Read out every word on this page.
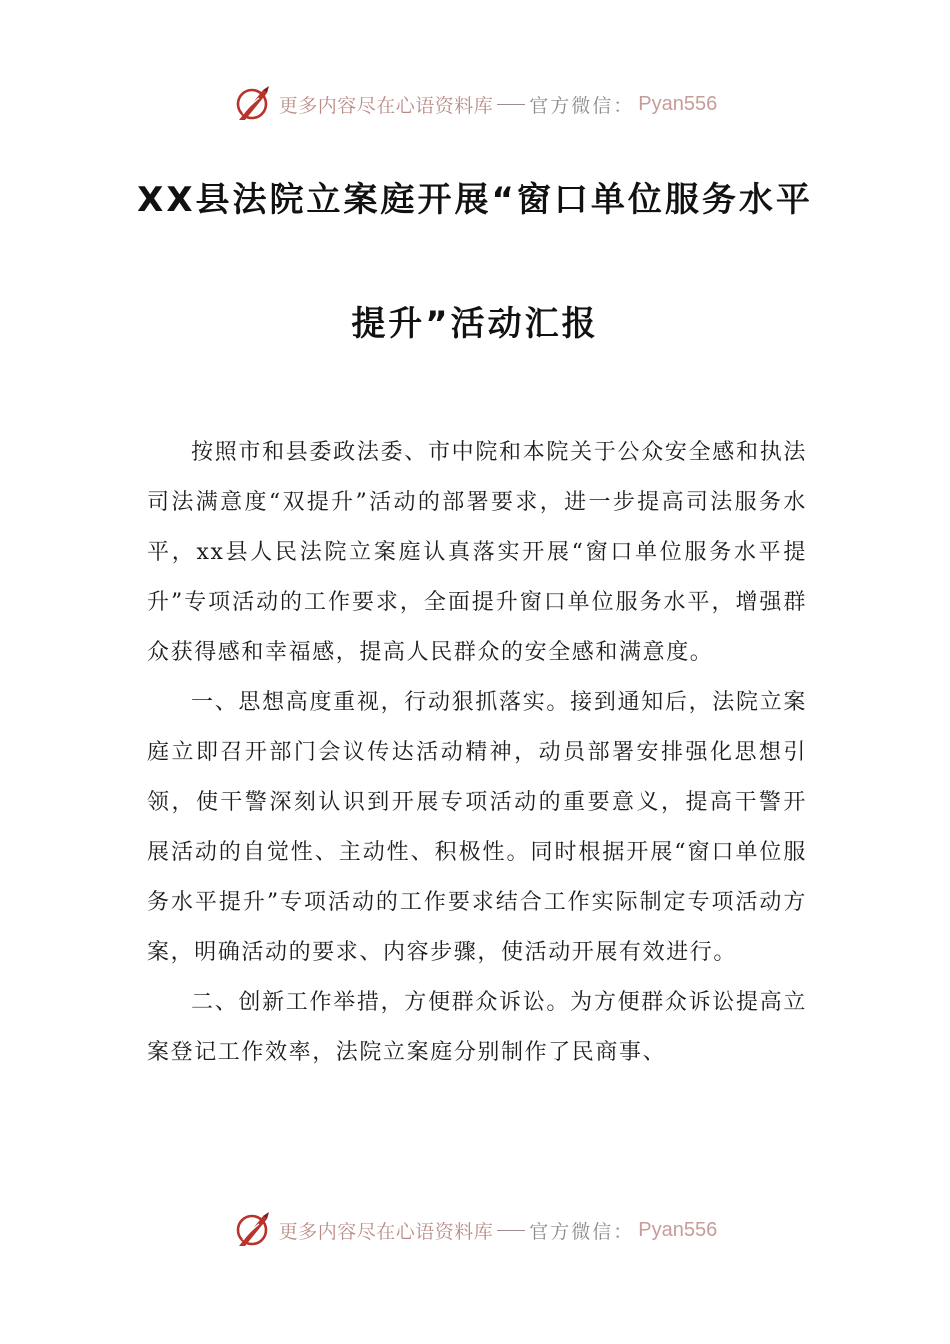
更多内容尽在心语资料库 官方微信： Pyan556
XX县法院立案庭开展“窗口单位服务水平
提升”活动汇报

按照市和县委政法委、市中院和本院关于公众安全感和执法司法满意度“双提升”活动的部署要求，进一步提高司法服务水平，xx县人民法院立案庭认真落实开展“窗口单位服务水平提升”专项活动的工作要求，全面提升窗口单位服务水平，增强群众获得感和幸福感，提高人民群众的安全感和满意度。

一、思想高度重视，行动狠抓落实。接到通知后，法院立案庭立即召开部门会议传达活动精神，动员部署安排强化思想引领，使干警深刻认识到开展专项活动的重要意义，提高干警开展活动的自觉性、主动性、积极性。同时根据开展“窗口单位服务水平提升”专项活动的工作要求结合工作实际制定专项活动方案，明确活动的要求、内容步骤，使活动开展有效进行。

二、创新工作举措，方便群众诉讼。为方便群众诉讼提高立案登记工作效率，法院立案庭分别制作了民商事、

更多内容尽在心语资料库 官方微信： Pyan556
